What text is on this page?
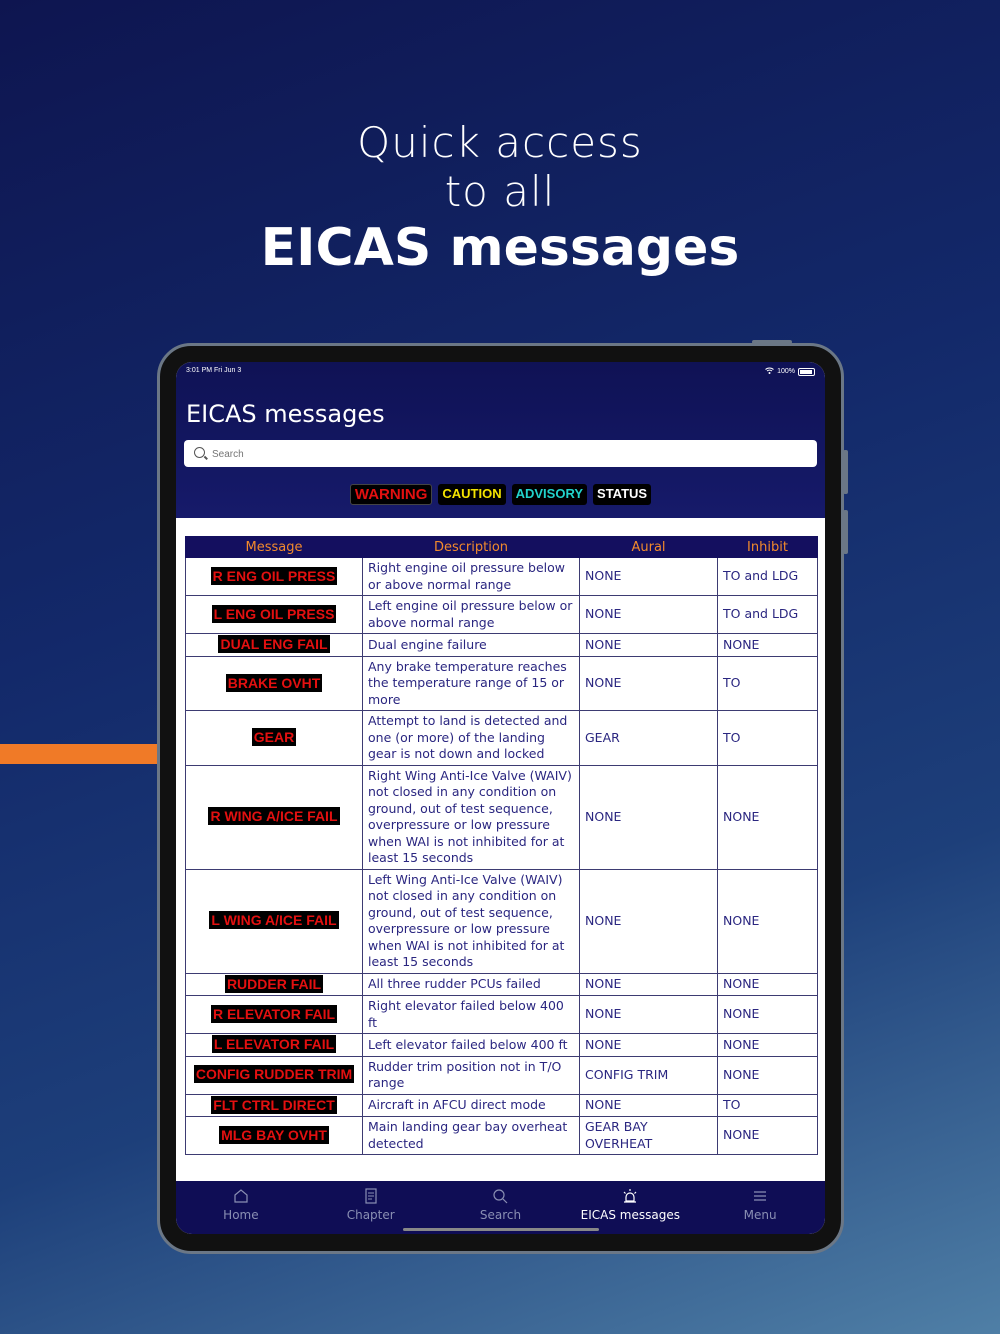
Quick access
to all
EICAS messages
3:01 PM Fri Jun 3	100%
EICAS messages
Search
WARNING	CAUTION	ADVISORY	STATUS
Message	Description	Aural	Inhibit
R ENG OIL PRESS	Right engine oil pressure below or above normal range	NONE	TO and LDG
L ENG OIL PRESS	Left engine oil pressure below or above normal range	NONE	TO and LDG
DUAL ENG FAIL	Dual engine failure	NONE	NONE
BRAKE OVHT	Any brake temperature reaches the temperature range of 15 or more	NONE	TO
GEAR	Attempt to land is detected and one (or more) of the landing gear is not down and locked	GEAR	TO
R WING A/ICE FAIL	Right Wing Anti-Ice Valve (WAIV) not closed in any condition on ground, out of test sequence, overpressure or low pressure when WAI is not inhibited for at least 15 seconds	NONE	NONE
L WING A/ICE FAIL	Left Wing Anti-Ice Valve (WAIV) not closed in any condition on ground, out of test sequence, overpressure or low pressure when WAI is not inhibited for at least 15 seconds	NONE	NONE
RUDDER FAIL	All three rudder PCUs failed	NONE	NONE
R ELEVATOR FAIL	Right elevator failed below 400 ft	NONE	NONE
L ELEVATOR FAIL	Left elevator failed below 400 ft	NONE	NONE
CONFIG RUDDER TRIM	Rudder trim position not in T/O range	CONFIG TRIM	NONE
FLT CTRL DIRECT	Aircraft in AFCU direct mode	NONE	TO
MLG BAY OVHT	Main landing gear bay overheat detected	GEAR BAY OVERHEAT	NONE
Home	Chapter	Search	EICAS messages	Menu
